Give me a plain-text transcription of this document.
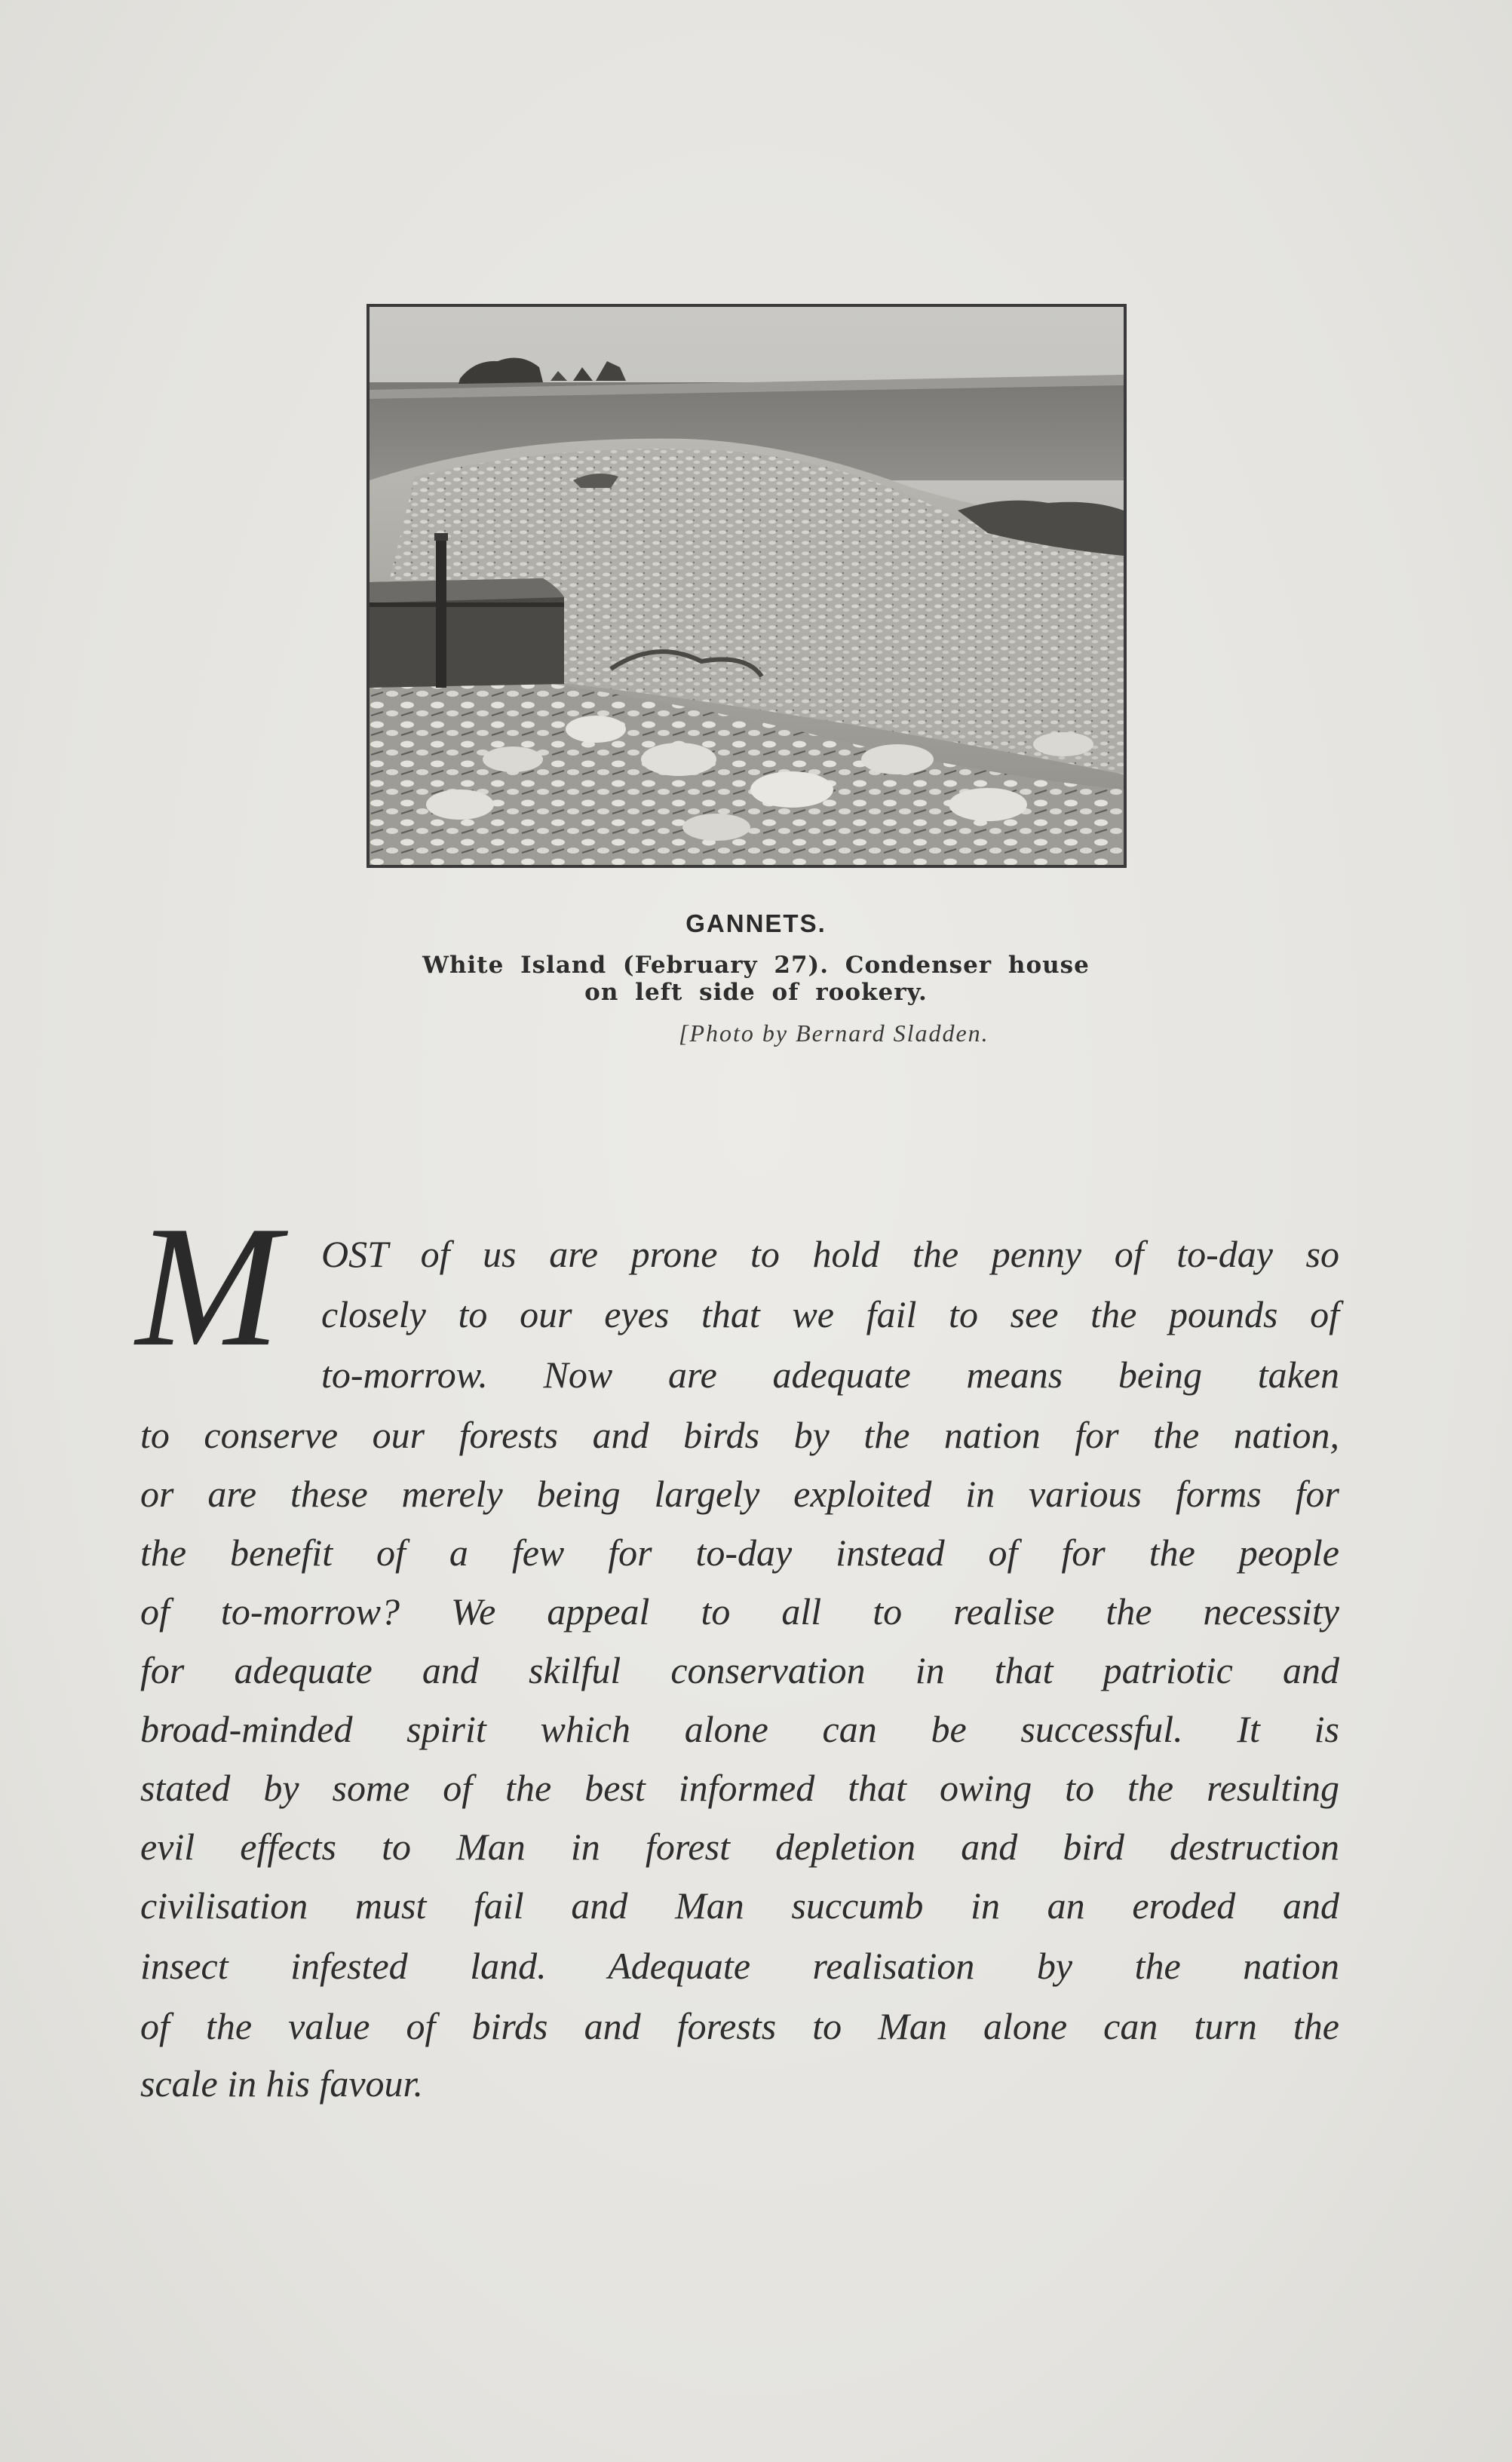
GANNETS.
White Island (February 27). Condenser house
on left side of rookery.
[Photo by Bernard Sladden.
M OST of us are prone to hold the penny of to-day so
closely to our eyes that we fail to see the pounds of
to-morrow. Now are adequate means being taken
to conserve our forests and birds by the nation for the nation,
or are these merely being largely exploited in various forms for
the benefit of a few for to-day instead of for the people
of to-morrow? We appeal to all to realise the necessity
for adequate and skilful conservation in that patriotic and
broad-minded spirit which alone can be successful. It is
stated by some of the best informed that owing to the resulting
evil effects to Man in forest depletion and bird destruction
civilisation must fail and Man succumb in an eroded and
insect infested land. Adequate realisation by the nation
of the value of birds and forests to Man alone can turn the
scale in his favour.
